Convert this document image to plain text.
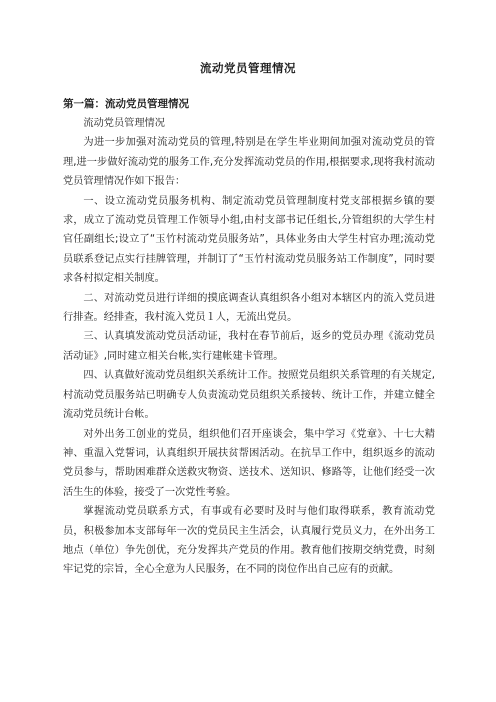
流动党员管理情况
第一篇：流动党员管理情况

流动党员管理情况

为进一步加强对流动党员的管理,特别是在学生毕业期间加强对流动党员的管理,进一步做好流动党的服务工作,充分发挥流动党员的作用,根据要求,现将我村流动党员管理情况作如下报告：

一、设立流动党员服务机构、制定流动党员管理制度村党支部根据乡镇的要求，成立了流动党员管理工作领导小组,由村支部书记任组长,分管组织的大学生村官任副组长;设立了“玉竹村流动党员服务站”，具体业务由大学生村官办理;流动党员联系登记点实行挂牌管理，并制订了“玉竹村流动党员服务站工作制度”，同时要求各村拟定相关制度。

二、对流动党员进行详细的摸底调查认真组织各小组对本辖区内的流入党员进行排查。经排查，我村流入党员１人，无流出党员。

三、认真填发流动党员活动证，我村在春节前后，返乡的党员办理《流动党员活动证》,同时建立相关台帐,实行建帐建卡管理。

四、认真做好流动党员组织关系统计工作。按照党员组织关系管理的有关规定,村流动党员服务站已明确专人负责流动党员组织关系接转、统计工作，并建立健全流动党员统计台帐。

对外出务工创业的党员，组织他们召开座谈会，集中学习《党章》、十七大精神、重温入党誓词，认真组织开展扶贫帮困活动。在抗旱工作中，组织返乡的流动党员参与，帮助困难群众送救灾物资、送技术、送知识、修路等，让他们经受一次活生生的体验，接受了一次党性考验。

掌握流动党员联系方式，有事或有必要时及时与他们取得联系，教育流动党员，积极参加本支部每年一次的党员民主生活会，认真履行党员义力，在外出务工地点（单位）争先创优，充分发挥共产党员的作用。教育他们按期交纳党费，时刻牢记党的宗旨，全心全意为人民服务，在不同的岗位作出自己应有的贡献。
